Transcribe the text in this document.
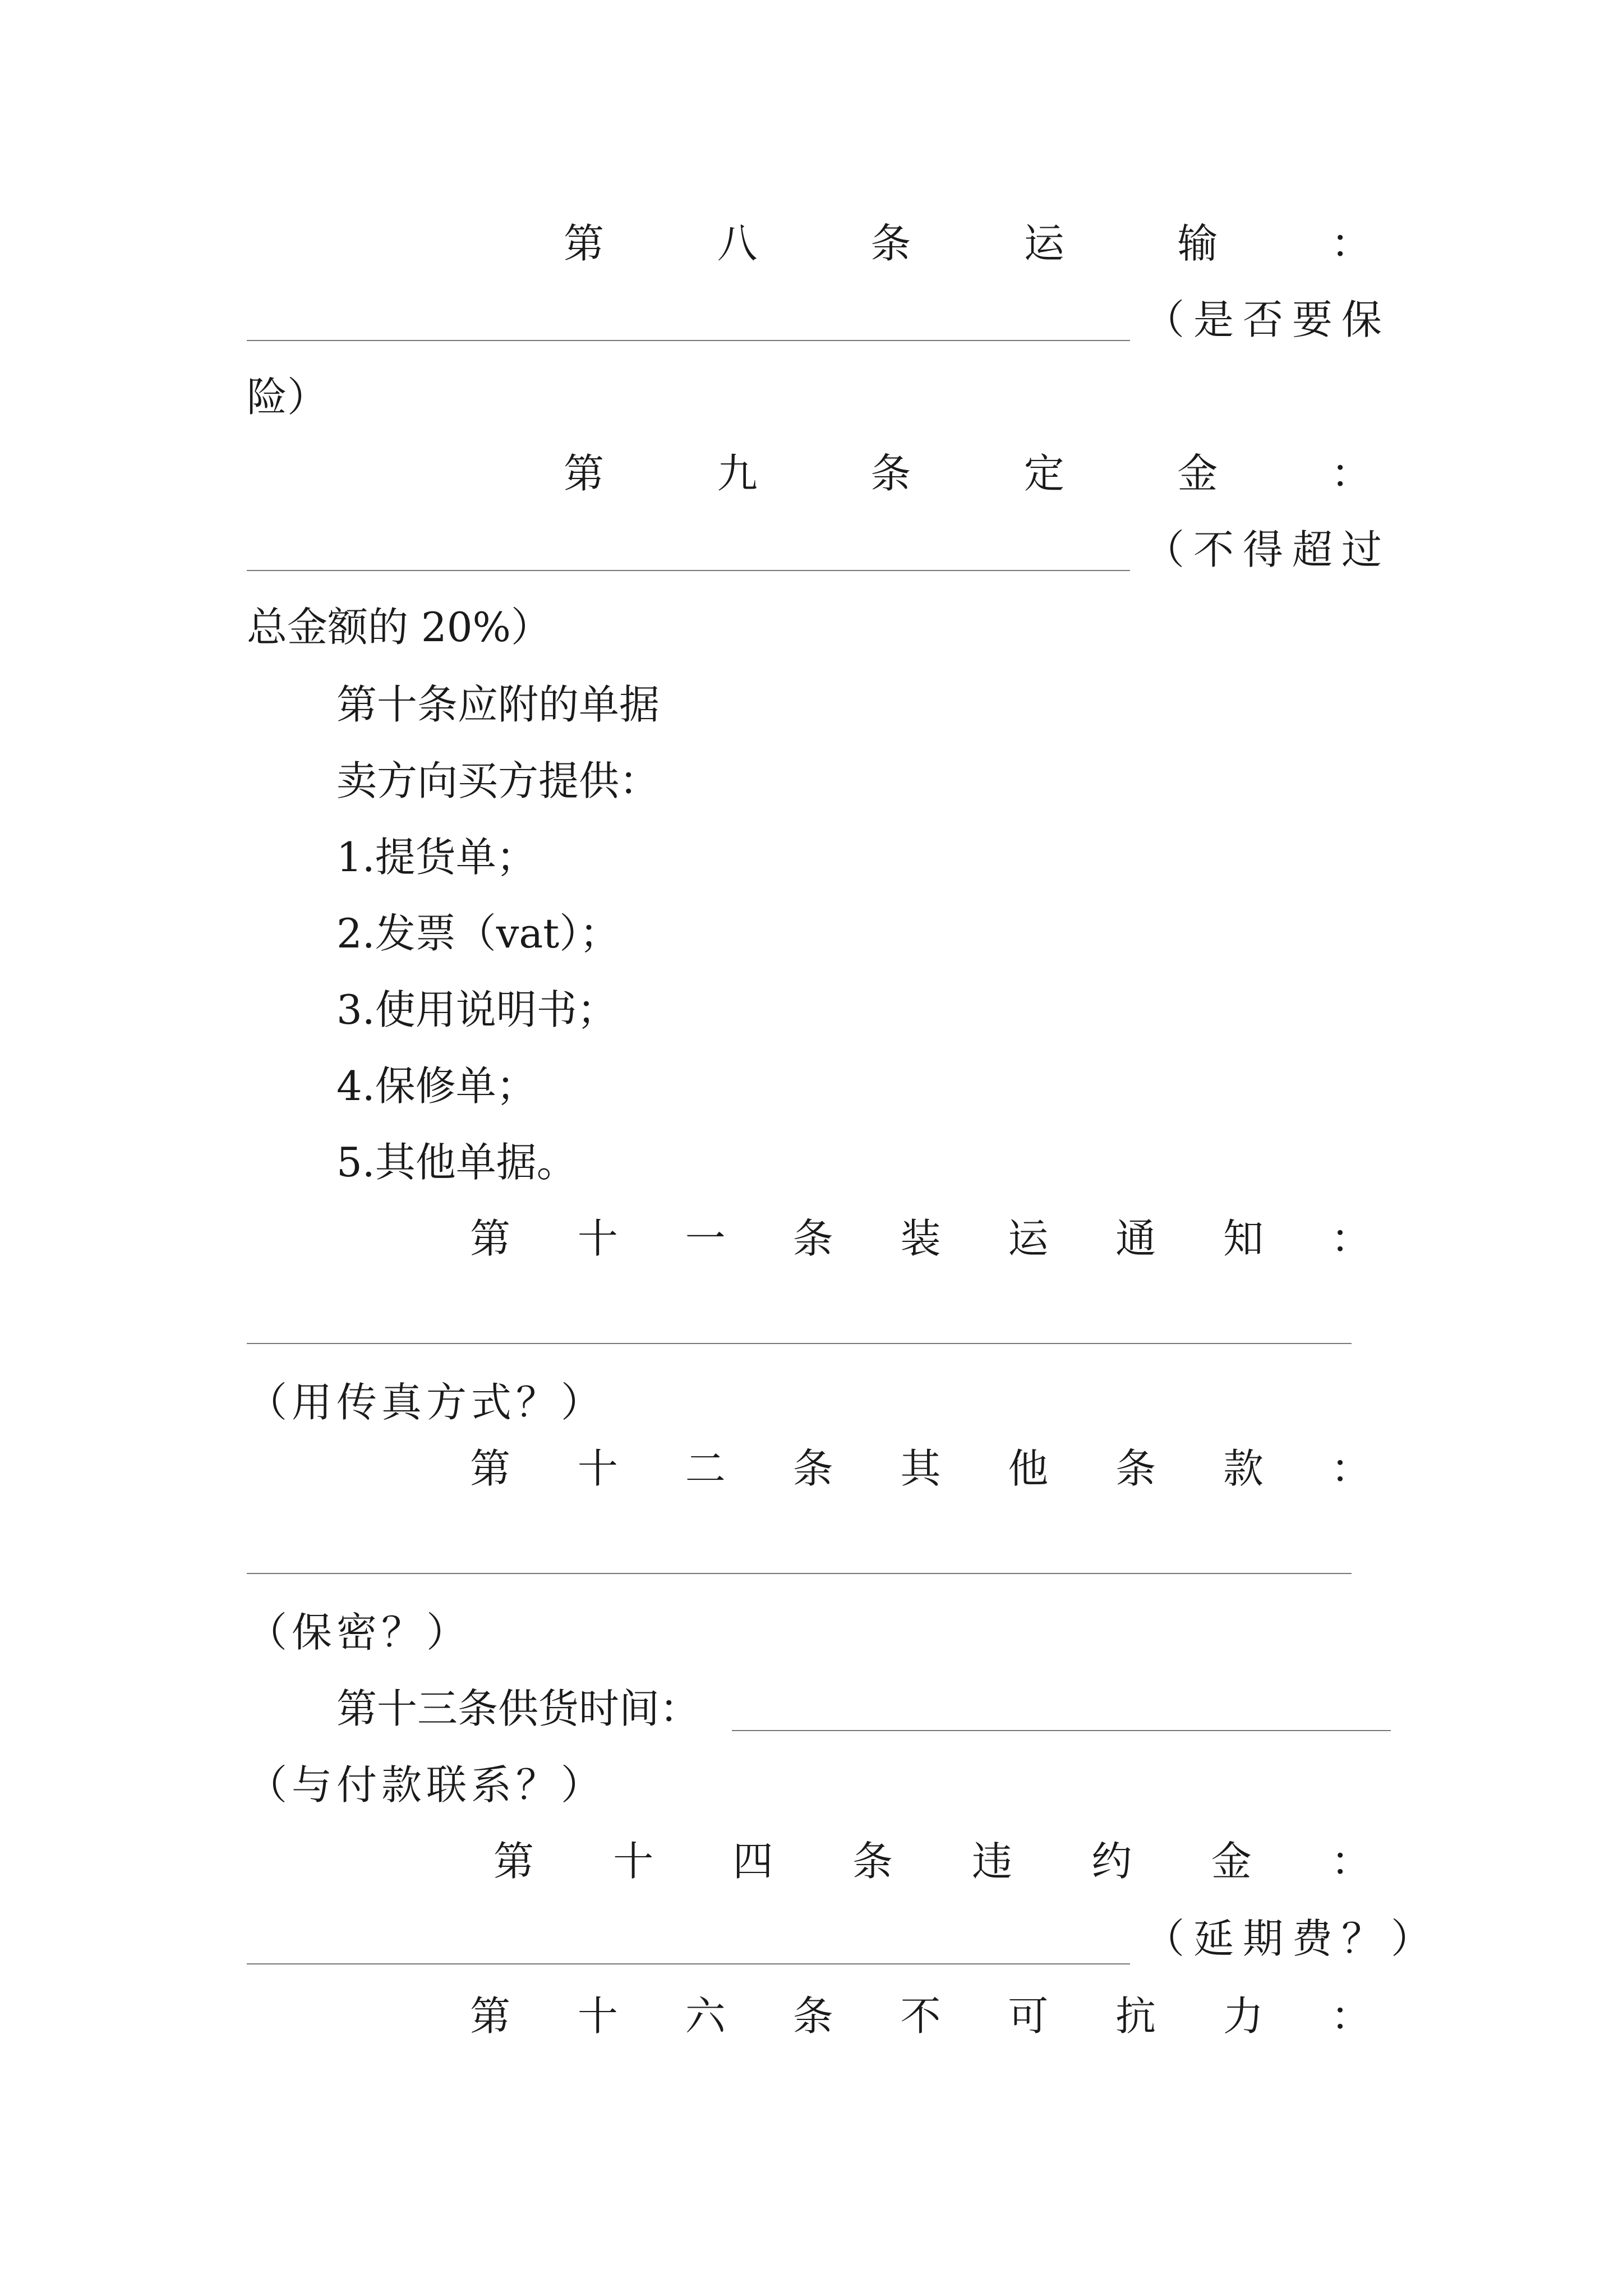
第	八	条	运	输	：
（是否要保
险）
第	九	条	定	金	：
（不得超过
总金额的 20%）
第十条应附的单据
卖方向买方提供：
1.提货单；
2.发票（vat）；
3.使用说明书；
4.保修单；
5.其他单据。
第 十 一 条 装 运 通 知 ：
（用传真方式？）
第 十 二 条 其 他 条 款 ：
（保密？）
第十三条供货时间：
（与付款联系？）
第 十 四 条 违 约 金 ：
（延期费？）
第 十 六 条 不 可 抗 力 ：
